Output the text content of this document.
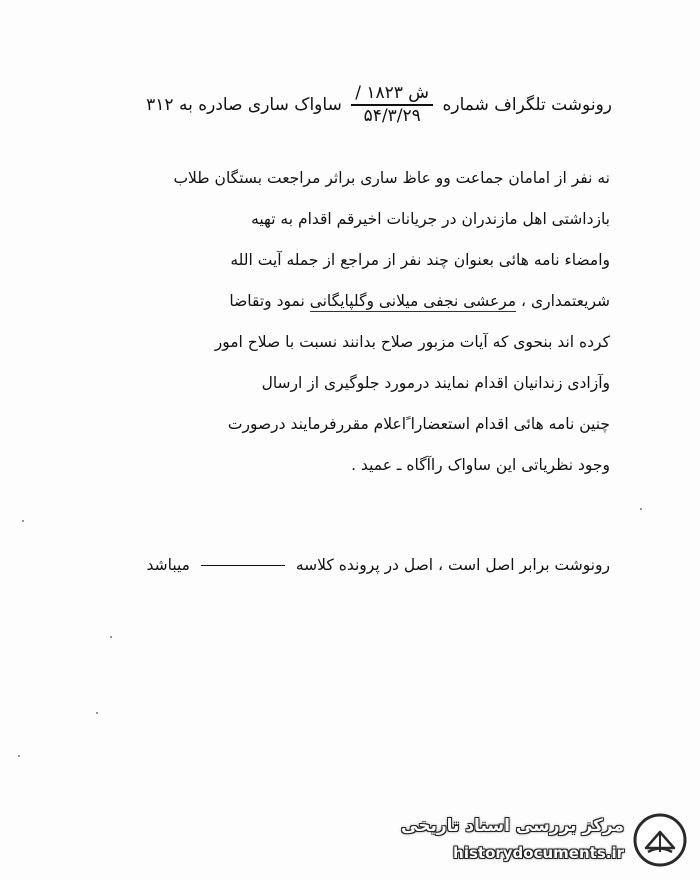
رونوشت تلگراف شماره
$\frac{\text{ش ۱۸۲۳ /}}{۵۴/۳/۲۹}$
ساواک ساری صادره به ۳۱۲
نه نفر از امامان جماعت وو عاظ ساری براثر مراجعت بستگان طلاب
بازداشتی اهل مازندران در جریانات اخیرقم اقدام به تهیه
وامضاء نامه هائی بعنوان چند نفر از مراجع از جمله آیت الله
شریعتمداری ، مرعشی نجفی میلانی وگلپایگانی نمود وتقاضا
کرده اند بنحوی که آیات مزبور صلاح بدانند نسبت با صلاح امور
وآزادی زندانیان اقدام نمایند درمورد جلوگیری از ارسال
چنین نامه هائی اقدام استعضارا ًاعلام مقررفرمایند درصورت
وجود نظریاتی این ساواک راآگاه ـ عمید .
رونوشت برابر اصل است ، اصل در پرونده کلاسه  میباشد
مرکز بررسی اسناد تاریخی
historydocuments.ir
